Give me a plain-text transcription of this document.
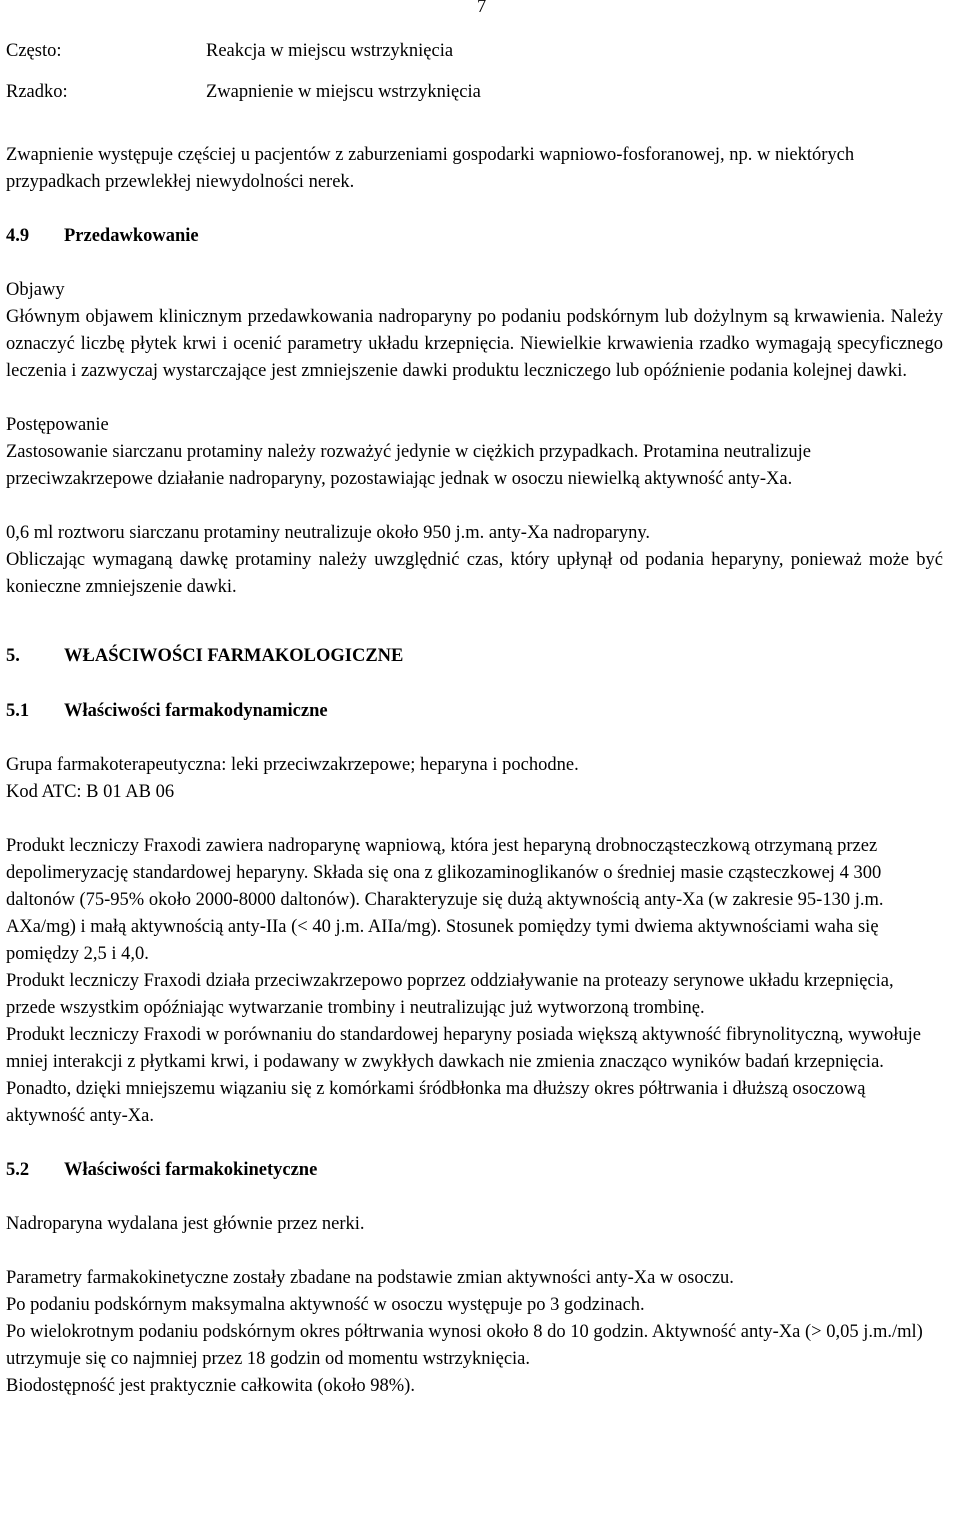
7
Często:	Reakcja w miejscu wstrzyknięcia
Rzadko:	Zwapnienie w miejscu wstrzyknięcia

Zwapnienie występuje częściej u pacjentów z zaburzeniami gospodarki wapniowo-fosforanowej, np. w niektórych przypadkach przewlekłej niewydolności nerek.

4.9	Przedawkowanie

Objawy

Głównym objawem klinicznym przedawkowania nadroparyny po podaniu podskórnym lub dożylnym są krwawienia. Należy oznaczyć liczbę płytek krwi i ocenić parametry układu krzepnięcia. Niewielkie krwawienia rzadko wymagają specyficznego leczenia i zazwyczaj wystarczające jest zmniejszenie dawki produktu leczniczego lub opóźnienie podania kolejnej dawki.

Postępowanie

Zastosowanie siarczanu protaminy należy rozważyć jedynie w ciężkich przypadkach. Protamina neutralizuje przeciwzakrzepowe działanie nadroparyny, pozostawiając jednak w osoczu niewielką aktywność anty-Xa.

0,6 ml roztworu siarczanu protaminy neutralizuje około 950 j.m. anty-Xa nadroparyny.

Obliczając wymaganą dawkę protaminy należy uwzględnić czas, który upłynął od podania heparyny, ponieważ może być konieczne zmniejszenie dawki.

5.	WŁAŚCIWOŚCI FARMAKOLOGICZNE
5.1	Właściwości farmakodynamiczne

Grupa farmakoterapeutyczna: leki przeciwzakrzepowe; heparyna i pochodne.

Kod ATC: B 01 AB 06

Produkt leczniczy Fraxodi zawiera nadroparynę wapniową, która jest heparyną drobnocząsteczkową otrzymaną przez depolimeryzację standardowej heparyny. Składa się ona z glikozaminoglikanów o średniej masie cząsteczkowej 4 300 daltonów (75-95% około 2000-8000 daltonów). Charakteryzuje się dużą aktywnością anty-Xa (w zakresie 95-130 j.m. AXa/mg) i małą aktywnością anty-IIa (< 40 j.m. AIIa/mg). Stosunek pomiędzy tymi dwiema aktywnościami waha się pomiędzy 2,5 i 4,0.

Produkt leczniczy Fraxodi działa przeciwzakrzepowo poprzez oddziaływanie na proteazy serynowe układu krzepnięcia, przede wszystkim opóźniając wytwarzanie trombiny i neutralizując już wytworzoną trombinę.

Produkt leczniczy Fraxodi w porównaniu do standardowej heparyny posiada większą aktywność fibrynolityczną, wywołuje mniej interakcji z płytkami krwi, i podawany w zwykłych dawkach nie zmienia znacząco wyników badań krzepnięcia. Ponadto, dzięki mniejszemu wiązaniu się z komórkami śródbłonka ma dłuższy okres półtrwania i dłuższą osoczową aktywność anty-Xa.

5.2	Właściwości farmakokinetyczne

Nadroparyna wydalana jest głównie przez nerki.

Parametry farmakokinetyczne zostały zbadane na podstawie zmian aktywności anty-Xa w osoczu.

Po podaniu podskórnym maksymalna aktywność w osoczu występuje po 3 godzinach.

Po wielokrotnym podaniu podskórnym okres półtrwania wynosi około 8 do 10 godzin. Aktywność anty-Xa (> 0,05 j.m./ml) utrzymuje się co najmniej przez 18 godzin od momentu wstrzyknięcia.

Biodostępność jest praktycznie całkowita (około 98%).
